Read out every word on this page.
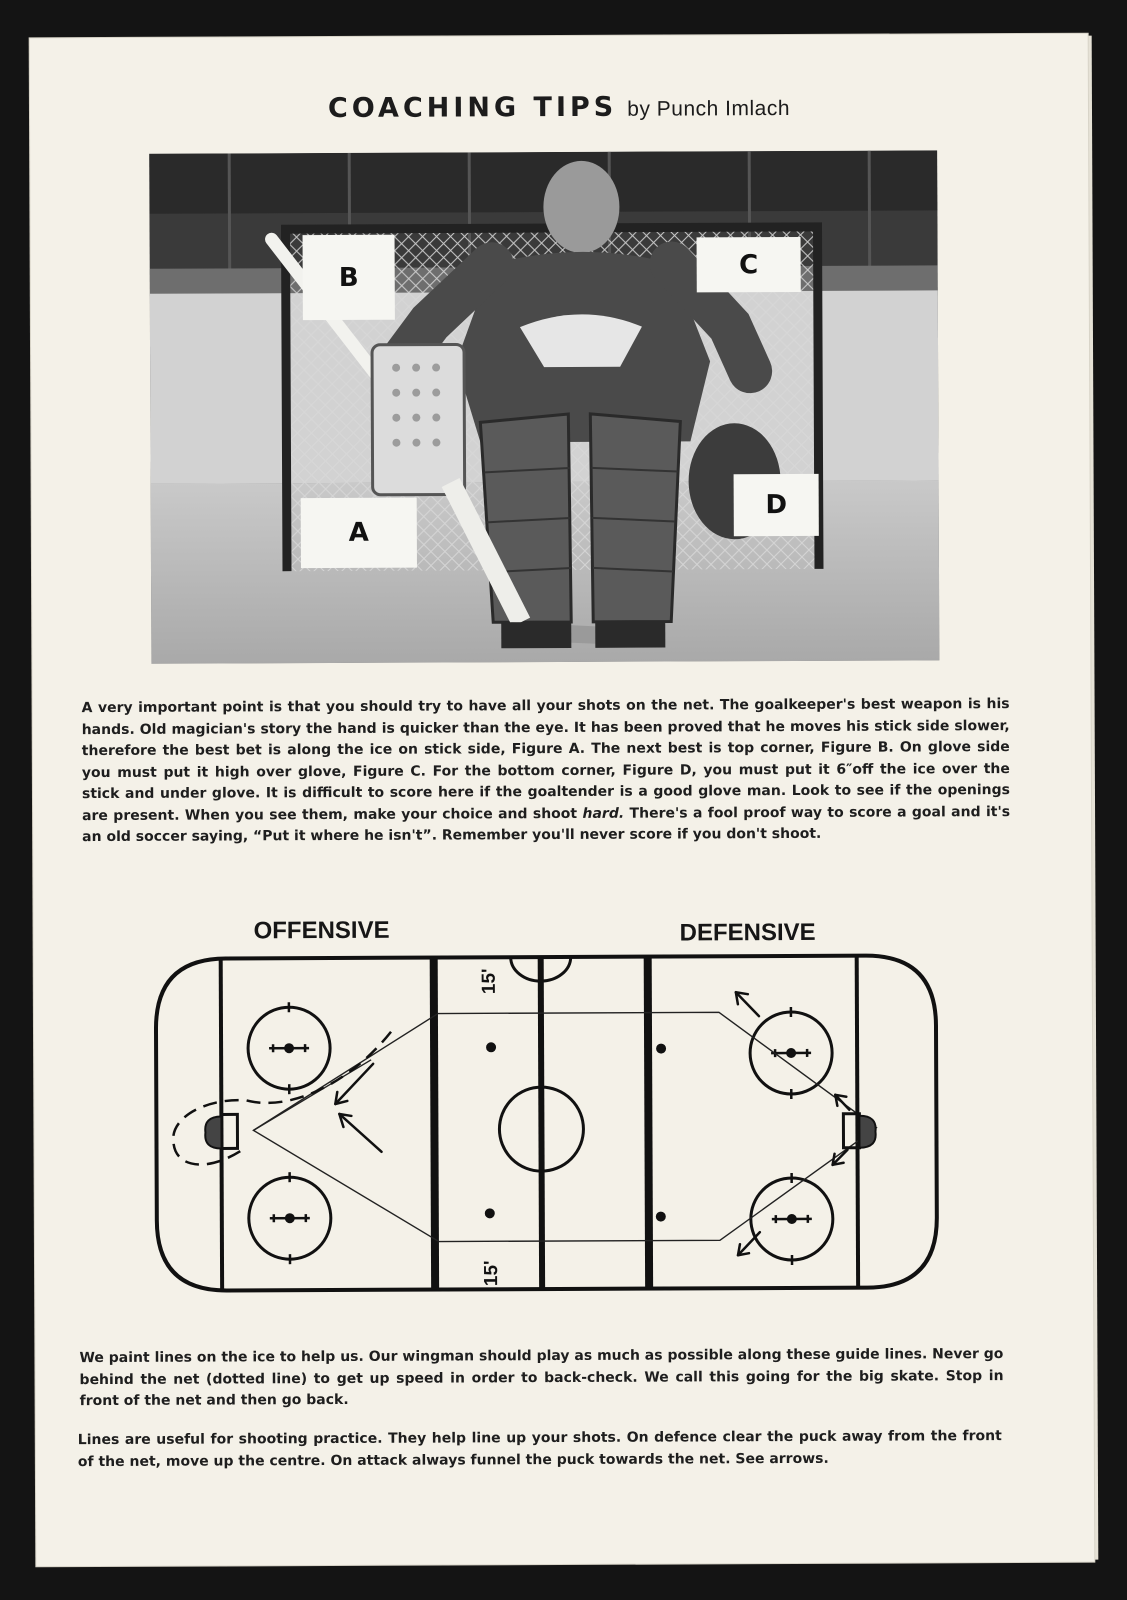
COACHING TIPS by Punch Imlach
B	C
A
D
A very important point is that you should try to have all your shots on the net. The goalkeeper's best weapon is his hands. Old magician's story the hand is quicker than the eye. It has been proved that he moves his stick side slower, therefore the best bet is along the ice on stick side, Figure A. The next best is top corner, Figure B. On glove side you must put it high over glove, Figure C. For the bottom corner, Figure D, you must put it 6″off the ice over the stick and under glove. It is difficult to score here if the goaltender is a good glove man. Look to see if the openings are present. When you see them, make your choice and shoot hard. There's a fool proof way to score a goal and it's an old soccer saying, “Put it where he isn't”. Remember you'll never score if you don't shoot.
OFFENSIVE	DEFENSIVE
15'
15'
We paint lines on the ice to help us. Our wingman should play as much as possible along these guide lines. Never go behind the net (dotted line) to get up speed in order to back-check. We call this going for the big skate. Stop in front of the net and then go back.
Lines are useful for shooting practice. They help line up your shots. On defence clear the puck away from the front of the net, move up the centre. On attack always funnel the puck towards the net. See arrows.
